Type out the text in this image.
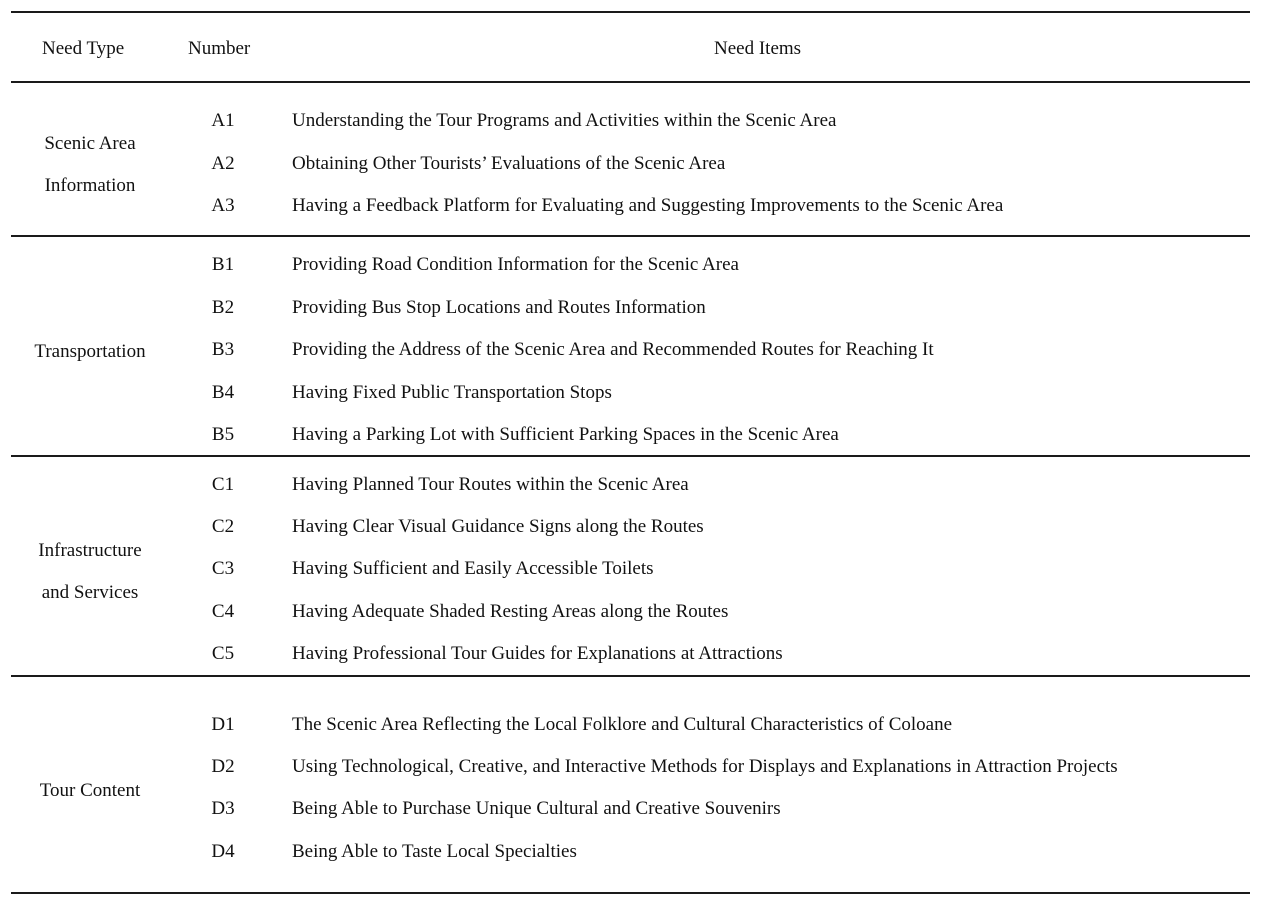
Need Type	Number	Need Items
Scenic Area
Information
A1	Understanding the Tour Programs and Activities within the Scenic Area
A2	Obtaining Other Tourists’ Evaluations of the Scenic Area
A3	Having a Feedback Platform for Evaluating and Suggesting Improvements to the Scenic Area
Transportation
B1	Providing Road Condition Information for the Scenic Area
B2	Providing Bus Stop Locations and Routes Information
B3	Providing the Address of the Scenic Area and Recommended Routes for Reaching It
B4	Having Fixed Public Transportation Stops
B5	Having a Parking Lot with Sufficient Parking Spaces in the Scenic Area
Infrastructure
and Services
C1	Having Planned Tour Routes within the Scenic Area
C2	Having Clear Visual Guidance Signs along the Routes
C3	Having Sufficient and Easily Accessible Toilets
C4	Having Adequate Shaded Resting Areas along the Routes
C5	Having Professional Tour Guides for Explanations at Attractions
Tour Content
D1	The Scenic Area Reflecting the Local Folklore and Cultural Characteristics of Coloane
D2	Using Technological, Creative, and Interactive Methods for Displays and Explanations in Attraction Projects
D3	Being Able to Purchase Unique Cultural and Creative Souvenirs
D4	Being Able to Taste Local Specialties
